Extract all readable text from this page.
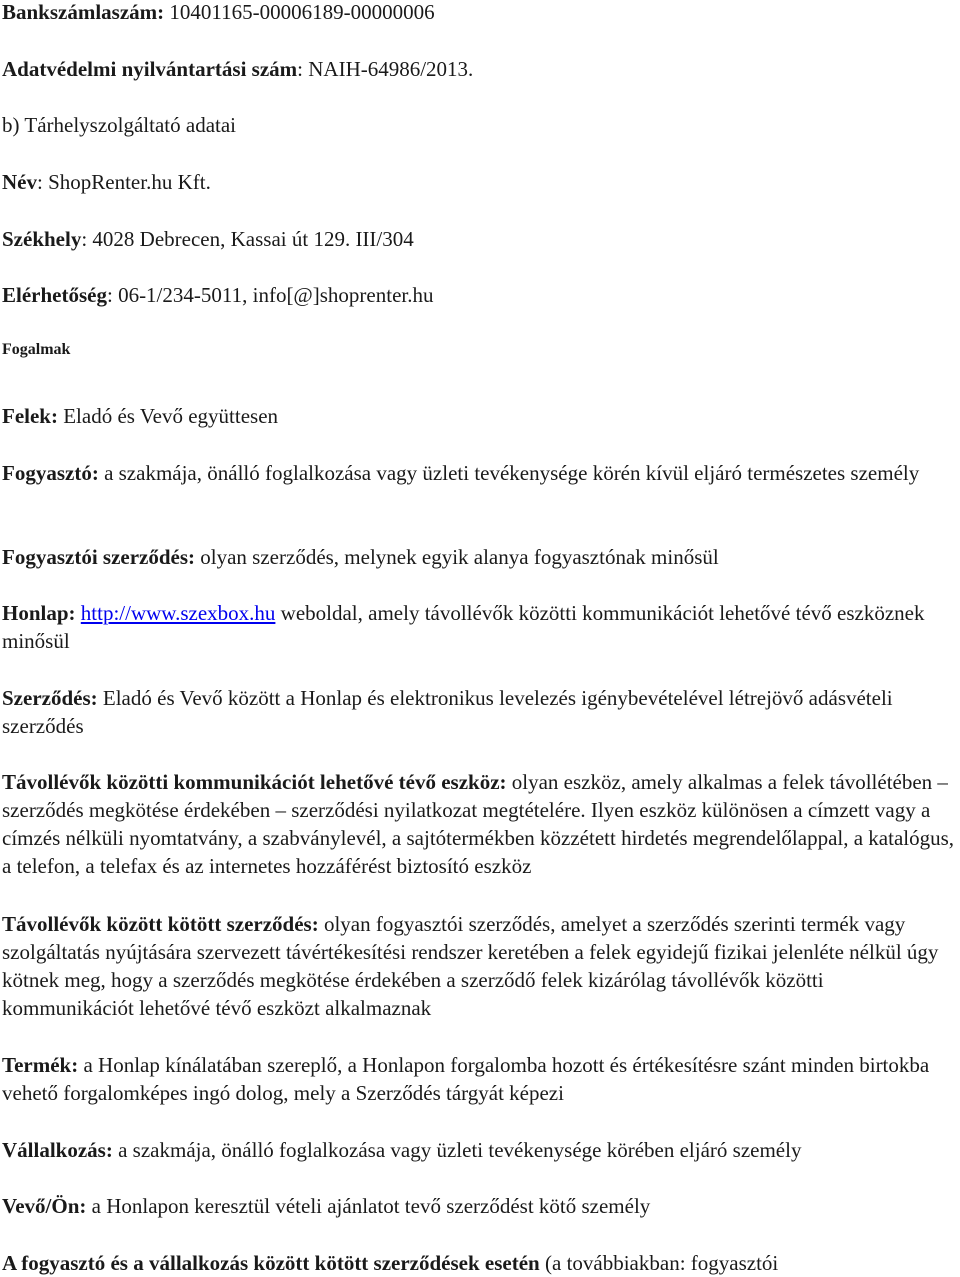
Bankszámlaszám: 10401165-00006189-00000006
Adatvédelmi nyilvántartási szám: NAIH-64986/2013.
b) Tárhelyszolgáltató adatai
Név: ShopRenter.hu Kft.
Székhely: 4028 Debrecen, Kassai út 129. III/304
Elérhetőség: 06-1/234-5011, info[@]shoprenter.hu
Fogalmak
Felek: Eladó és Vevő együttesen
Fogyasztó: a szakmája, önálló foglalkozása vagy üzleti tevékenysége körén kívül eljáró természetes személy
Fogyasztói szerződés: olyan szerződés, melynek egyik alanya fogyasztónak minősül
Honlap: http://www.szexbox.hu weboldal, amely távollévők közötti kommunikációt lehetővé tévő eszköznek minősül
Szerződés: Eladó és Vevő között a Honlap és elektronikus levelezés igénybevételével létrejövő adásvételi szerződés
Távollévők közötti kommunikációt lehetővé tévő eszköz: olyan eszköz, amely alkalmas a felek távollétében – szerződés megkötése érdekében – szerződési nyilatkozat megtételére. Ilyen eszköz különösen a címzett vagy a címzés nélküli nyomtatvány, a szabványlevél, a sajtótermékben közzétett hirdetés megrendelőlappal, a katalógus, a telefon, a telefax és az internetes hozzáférést biztosító eszköz
Távollévők között kötött szerződés: olyan fogyasztói szerződés, amelyet a szerződés szerinti termék vagy szolgáltatás nyújtására szervezett távértékesítési rendszer keretében a felek egyidejű fizikai jelenléte nélkül úgy kötnek meg, hogy a szerződés megkötése érdekében a szerződő felek kizárólag távollévők közötti kommunikációt lehetővé tévő eszközt alkalmaznak
Termék: a Honlap kínálatában szereplő, a Honlapon forgalomba hozott és értékesítésre szánt minden birtokba vehető forgalomképes ingó dolog, mely a Szerződés tárgyát képezi
Vállalkozás: a szakmája, önálló foglalkozása vagy üzleti tevékenysége körében eljáró személy
Vevő/Ön: a Honlapon keresztül vételi ajánlatot tevő szerződést kötő személy
A fogyasztó és a vállalkozás között kötött szerződések esetén (a továbbiakban: fogyasztói
